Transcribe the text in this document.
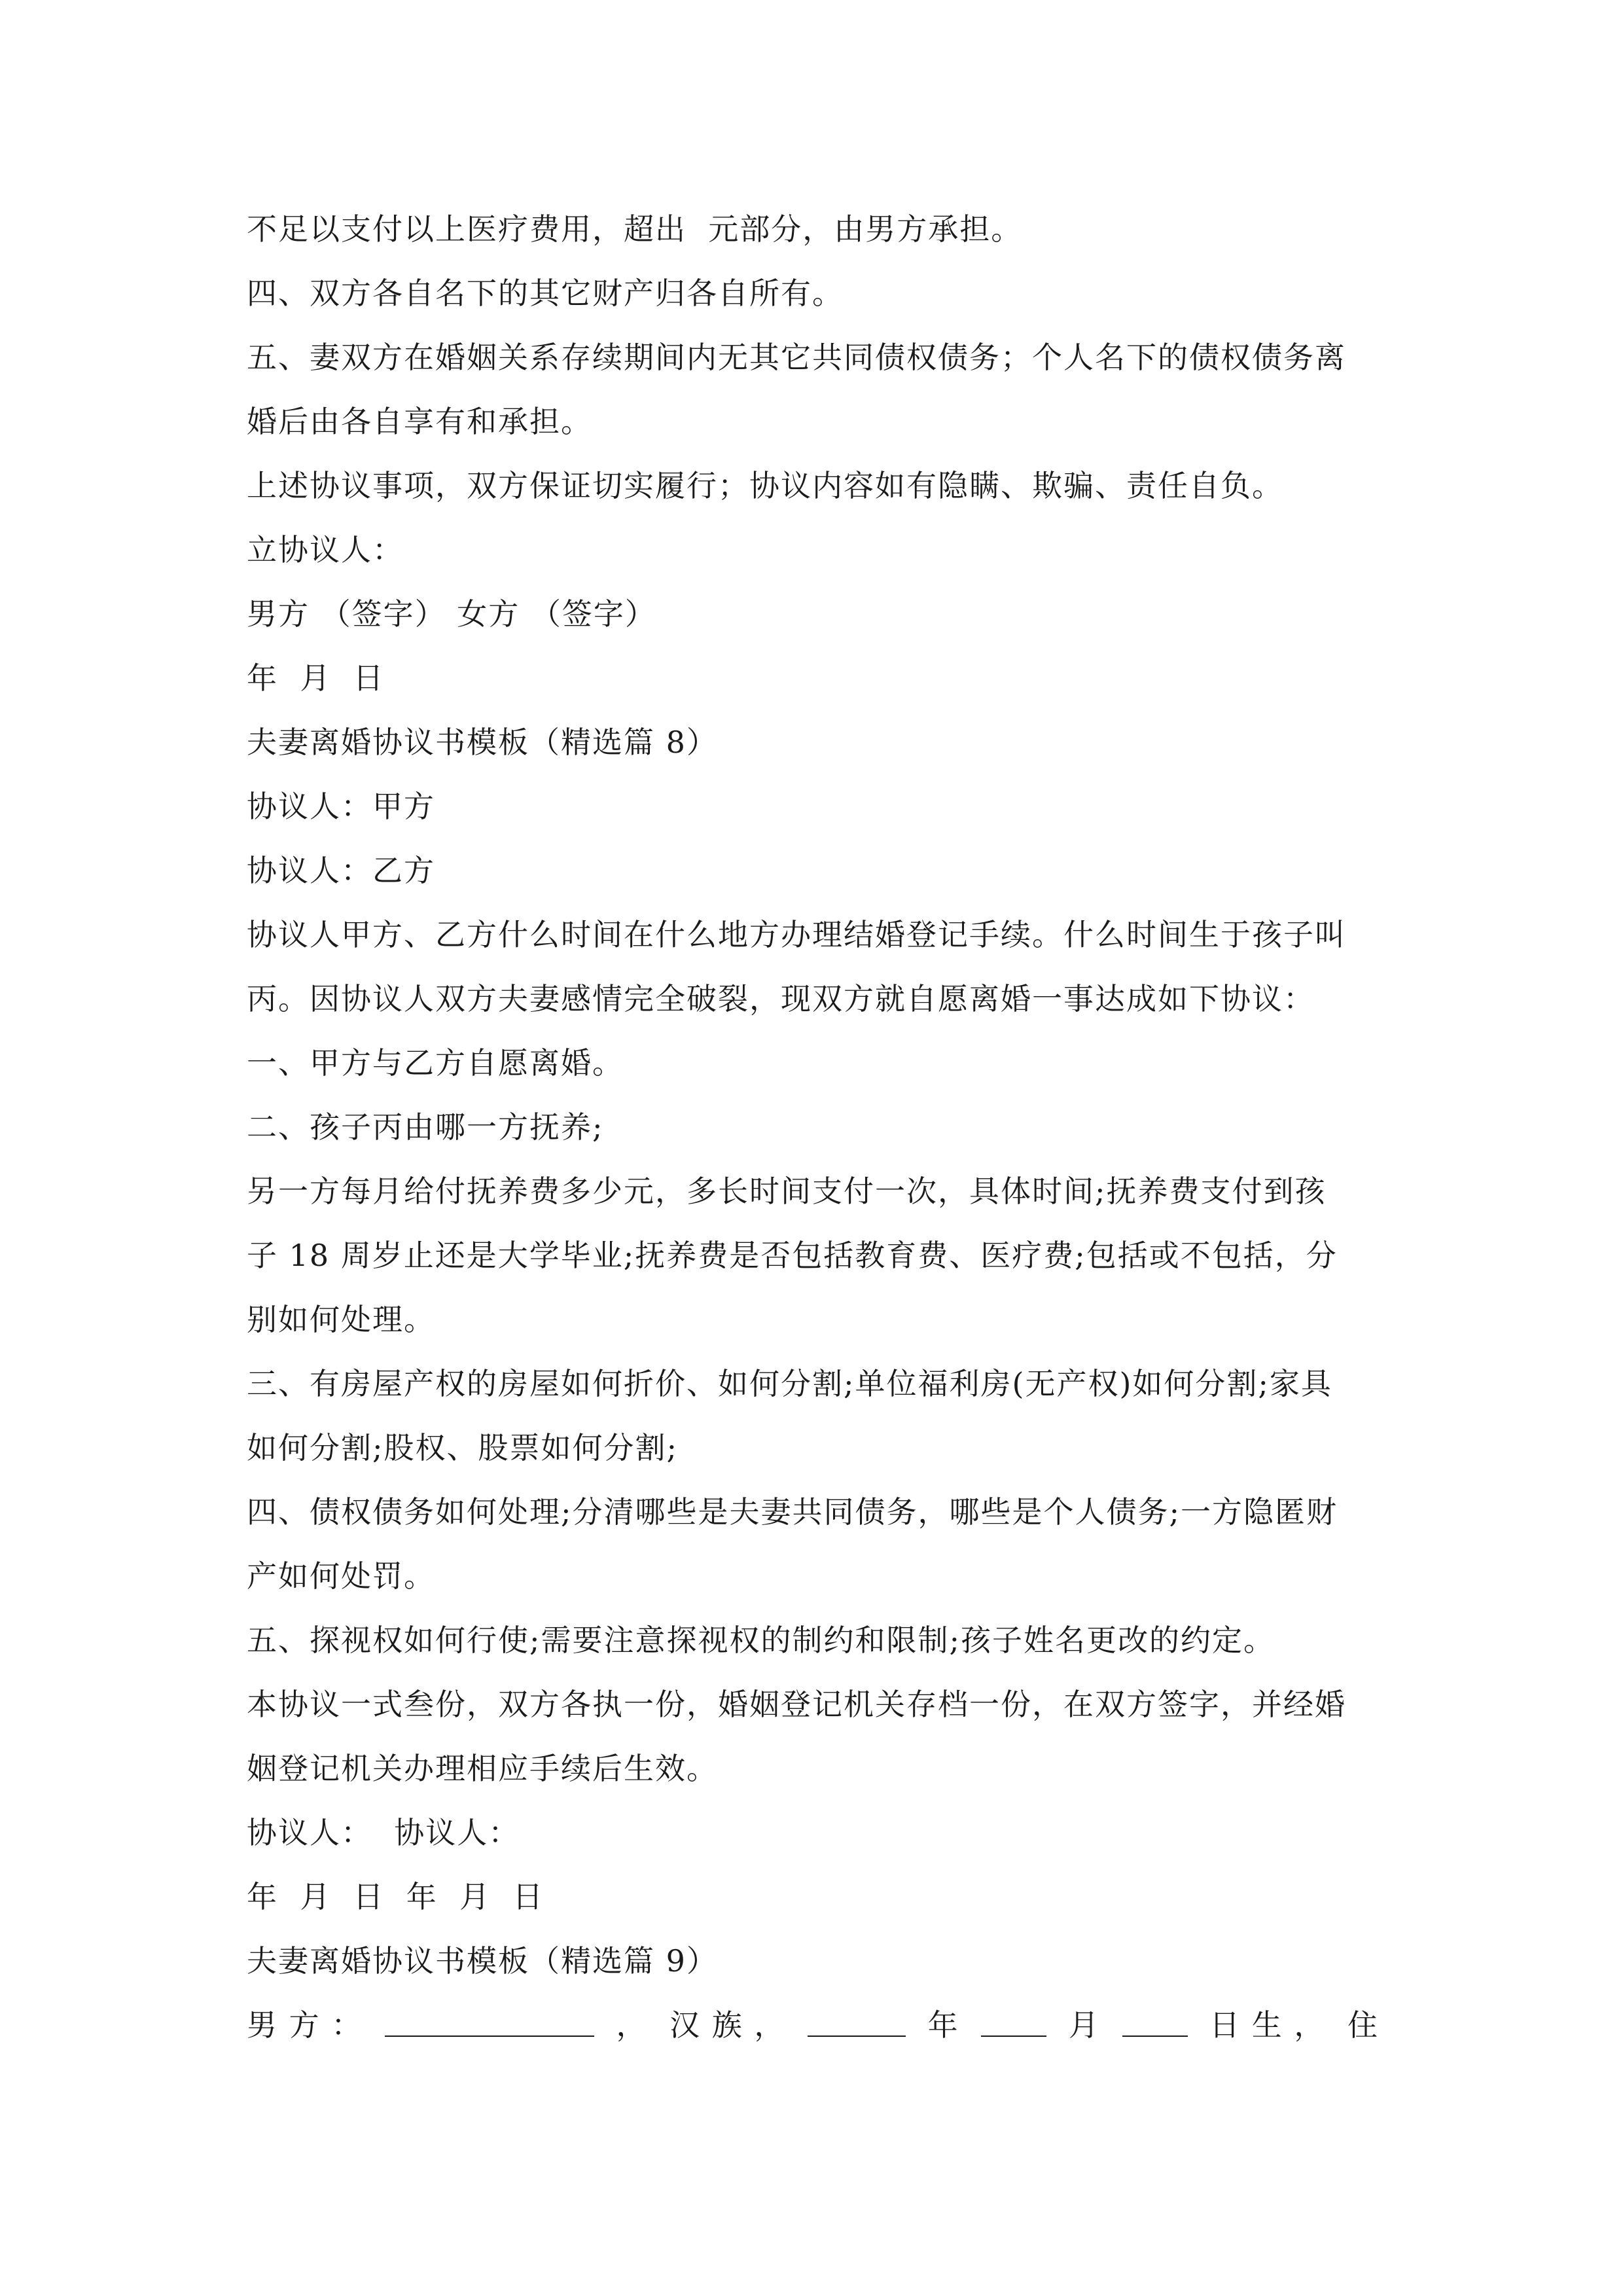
不足以支付以上医疗费用，超出  元部分，由男方承担。
四、双方各自名下的其它财产归各自所有。
五、妻双方在婚姻关系存续期间内无其它共同债权债务；个人名下的债权债务离
婚后由各自享有和承担。
上述协议事项，双方保证切实履行；协议内容如有隐瞒、欺骗、责任自负。
立协议人：
男方 （签字） 女方 （签字）
年  月  日
夫妻离婚协议书模板（精选篇 8）
协议人：甲方
协议人：乙方
协议人甲方、乙方什么时间在什么地方办理结婚登记手续。什么时间生于孩子叫
丙。因协议人双方夫妻感情完全破裂，现双方就自愿离婚一事达成如下协议：
一、甲方与乙方自愿离婚。
二、孩子丙由哪一方抚养;
另一方每月给付抚养费多少元，多长时间支付一次，具体时间;抚养费支付到孩
子 18 周岁止还是大学毕业;抚养费是否包括教育费、医疗费;包括或不包括，分
别如何处理。
三、有房屋产权的房屋如何折价、如何分割;单位福利房(无产权)如何分割;家具
如何分割;股权、股票如何分割;
四、债权债务如何处理;分清哪些是夫妻共同债务，哪些是个人债务;一方隐匿财
产如何处罚。
五、探视权如何行使;需要注意探视权的制约和限制;孩子姓名更改的约定。
本协议一式叁份，双方各执一份，婚姻登记机关存档一份，在双方签字，并经婚
姻登记机关办理相应手续后生效。
协议人：  协议人：
年  月  日  年  月  日
夫妻离婚协议书模板（精选篇 9）
男 方 ：	， 汉 族 ，	年	月	日 生 ， 住
